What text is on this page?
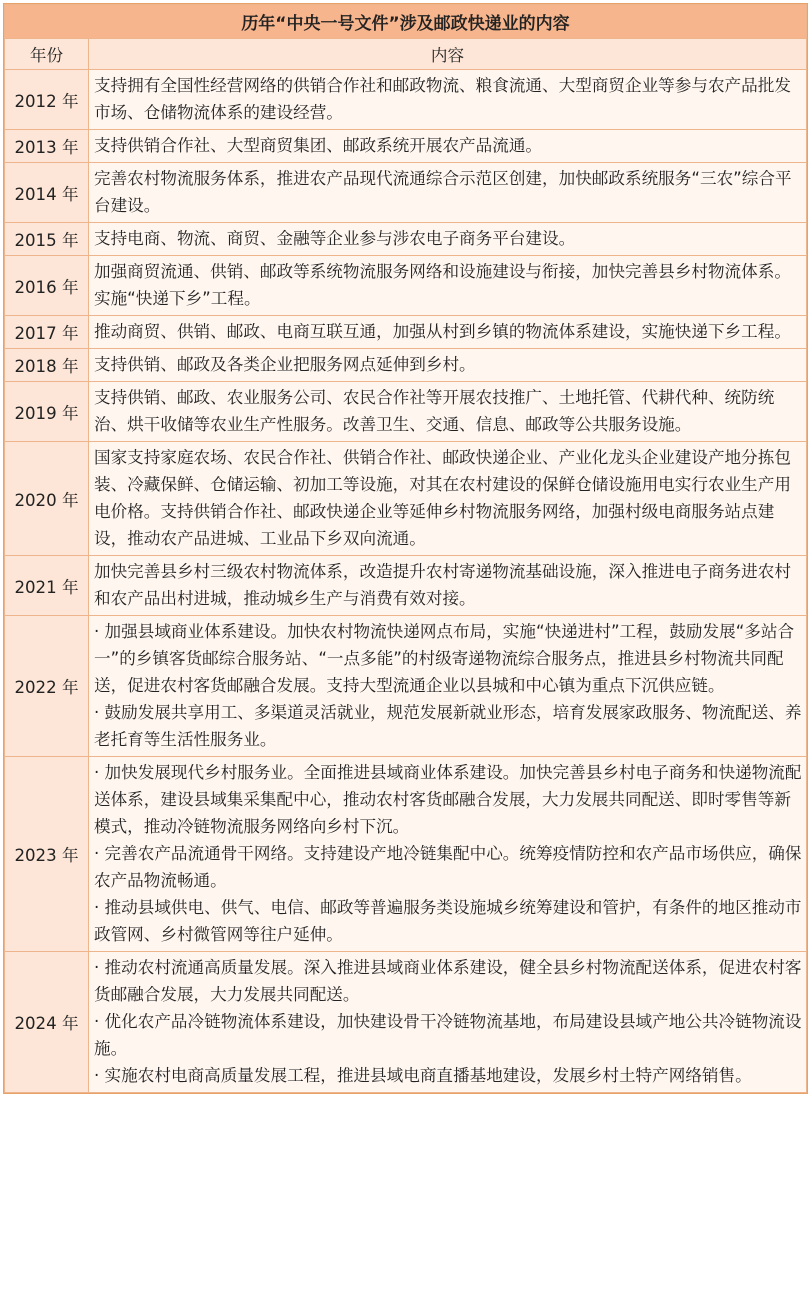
历年“中央一号文件”涉及邮政快递业的内容	
年份	内容
2012 年	支持拥有全国性经营网络的供销合作社和邮政物流、粮食流通、大型商贸企业等参与农产品批发市场、仓储物流体系的建设经营。

2013 年	支持供销合作社、大型商贸集团、邮政系统开展农产品流通。

2014 年	完善农村物流服务体系，推进农产品现代流通综合示范区创建，加快邮政系统服务“三农”综合平台建设。

2015 年	支持电商、物流、商贸、金融等企业参与涉农电子商务平台建设。

2016 年	加强商贸流通、供销、邮政等系统物流服务网络和设施建设与衔接，加快完善县乡村物流体系。实施“快递下乡”工程。

2017 年	推动商贸、供销、邮政、电商互联互通，加强从村到乡镇的物流体系建设，实施快递下乡工程。

2018 年	支持供销、邮政及各类企业把服务网点延伸到乡村。

2019 年	支持供销、邮政、农业服务公司、农民合作社等开展农技推广、土地托管、代耕代种、统防统治、烘干收储等农业生产性服务。改善卫生、交通、信息、邮政等公共服务设施。

2020 年	国家支持家庭农场、农民合作社、供销合作社、邮政快递企业、产业化龙头企业建设产地分拣包装、冷藏保鲜、仓储运输、初加工等设施，对其在农村建设的保鲜仓储设施用电实行农业生产用电价格。支持供销合作社、邮政快递企业等延伸乡村物流服务网络，加强村级电商服务站点建设，推动农产品进城、工业品下乡双向流通。

2021 年	加快完善县乡村三级农村物流体系，改造提升农村寄递物流基础设施，深入推进电子商务进农村和农产品出村进城，推动城乡生产与消费有效对接。

2022 年	· 加强县域商业体系建设。加快农村物流快递网点布局，实施“快递进村”工程，鼓励发展“多站合一”的乡镇客货邮综合服务站、“一点多能”的村级寄递物流综合服务点，推进县乡村物流共同配送，促进农村客货邮融合发展。支持大型流通企业以县城和中心镇为重点下沉供应链。
· 鼓励发展共享用工、多渠道灵活就业，规范发展新就业形态，培育发展家政服务、物流配送、养老托育等生活性服务业。

2023 年	· 加快发展现代乡村服务业。全面推进县域商业体系建设。加快完善县乡村电子商务和快递物流配送体系，建设县域集采集配中心，推动农村客货邮融合发展，大力发展共同配送、即时零售等新模式，推动冷链物流服务网络向乡村下沉。
· 完善农产品流通骨干网络。支持建设产地冷链集配中心。统筹疫情防控和农产品市场供应，确保农产品物流畅通。
· 推动县域供电、供气、电信、邮政等普遍服务类设施城乡统筹建设和管护，有条件的地区推动市政管网、乡村微管网等往户延伸。

2024 年	· 推动农村流通高质量发展。深入推进县域商业体系建设，健全县乡村物流配送体系，促进农村客货邮融合发展，大力发展共同配送。
· 优化农产品冷链物流体系建设，加快建设骨干冷链物流基地，布局建设县域产地公共冷链物流设施。
· 实施农村电商高质量发展工程，推进县域电商直播基地建设，发展乡村土特产网络销售。
